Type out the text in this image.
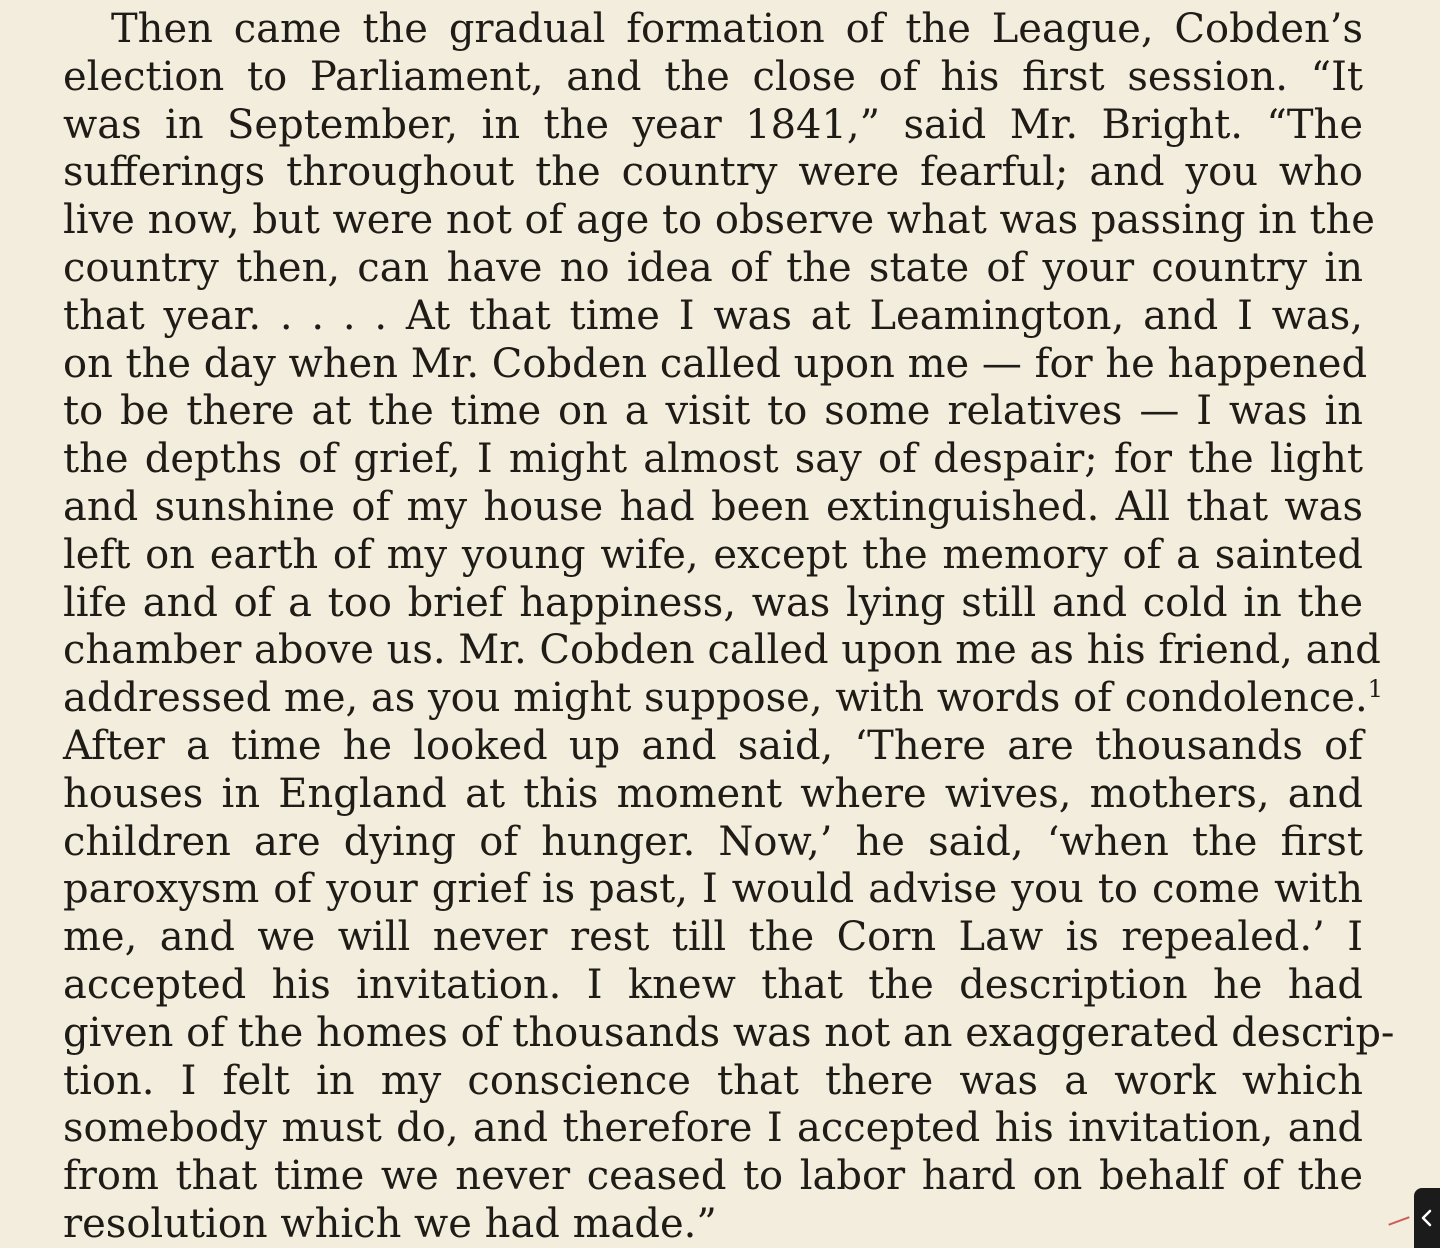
Then came the gradual formation of the League, Cobden’s
election to Parliament, and the close of his first session. “It
was in September, in the year 1841,” said Mr. Bright. “The
sufferings throughout the country were fearful; and you who
live now, but were not of age to observe what was passing in the
country then, can have no idea of the state of your country in
that year. . . . . At that time I was at Leamington, and I was,
on the day when Mr. Cobden called upon me — for he happened
to be there at the time on a visit to some relatives — I was in
the depths of grief, I might almost say of despair; for the light
and sunshine of my house had been extinguished. All that was
left on earth of my young wife, except the memory of a sainted
life and of a too brief happiness, was lying still and cold in the
chamber above us. Mr. Cobden called upon me as his friend, and
addressed me, as you might suppose, with words of condolence.$^1$
After a time he looked up and said, ‘There are thousands of
houses in England at this moment where wives, mothers, and
children are dying of hunger. Now,’ he said, ‘when the first
paroxysm of your grief is past, I would advise you to come with
me, and we will never rest till the Corn Law is repealed.’ I
accepted his invitation. I knew that the description he had
given of the homes of thousands was not an exaggerated descrip-
tion. I felt in my conscience that there was a work which
somebody must do, and therefore I accepted his invitation, and
from that time we never ceased to labor hard on behalf of the
resolution which we had made.”
